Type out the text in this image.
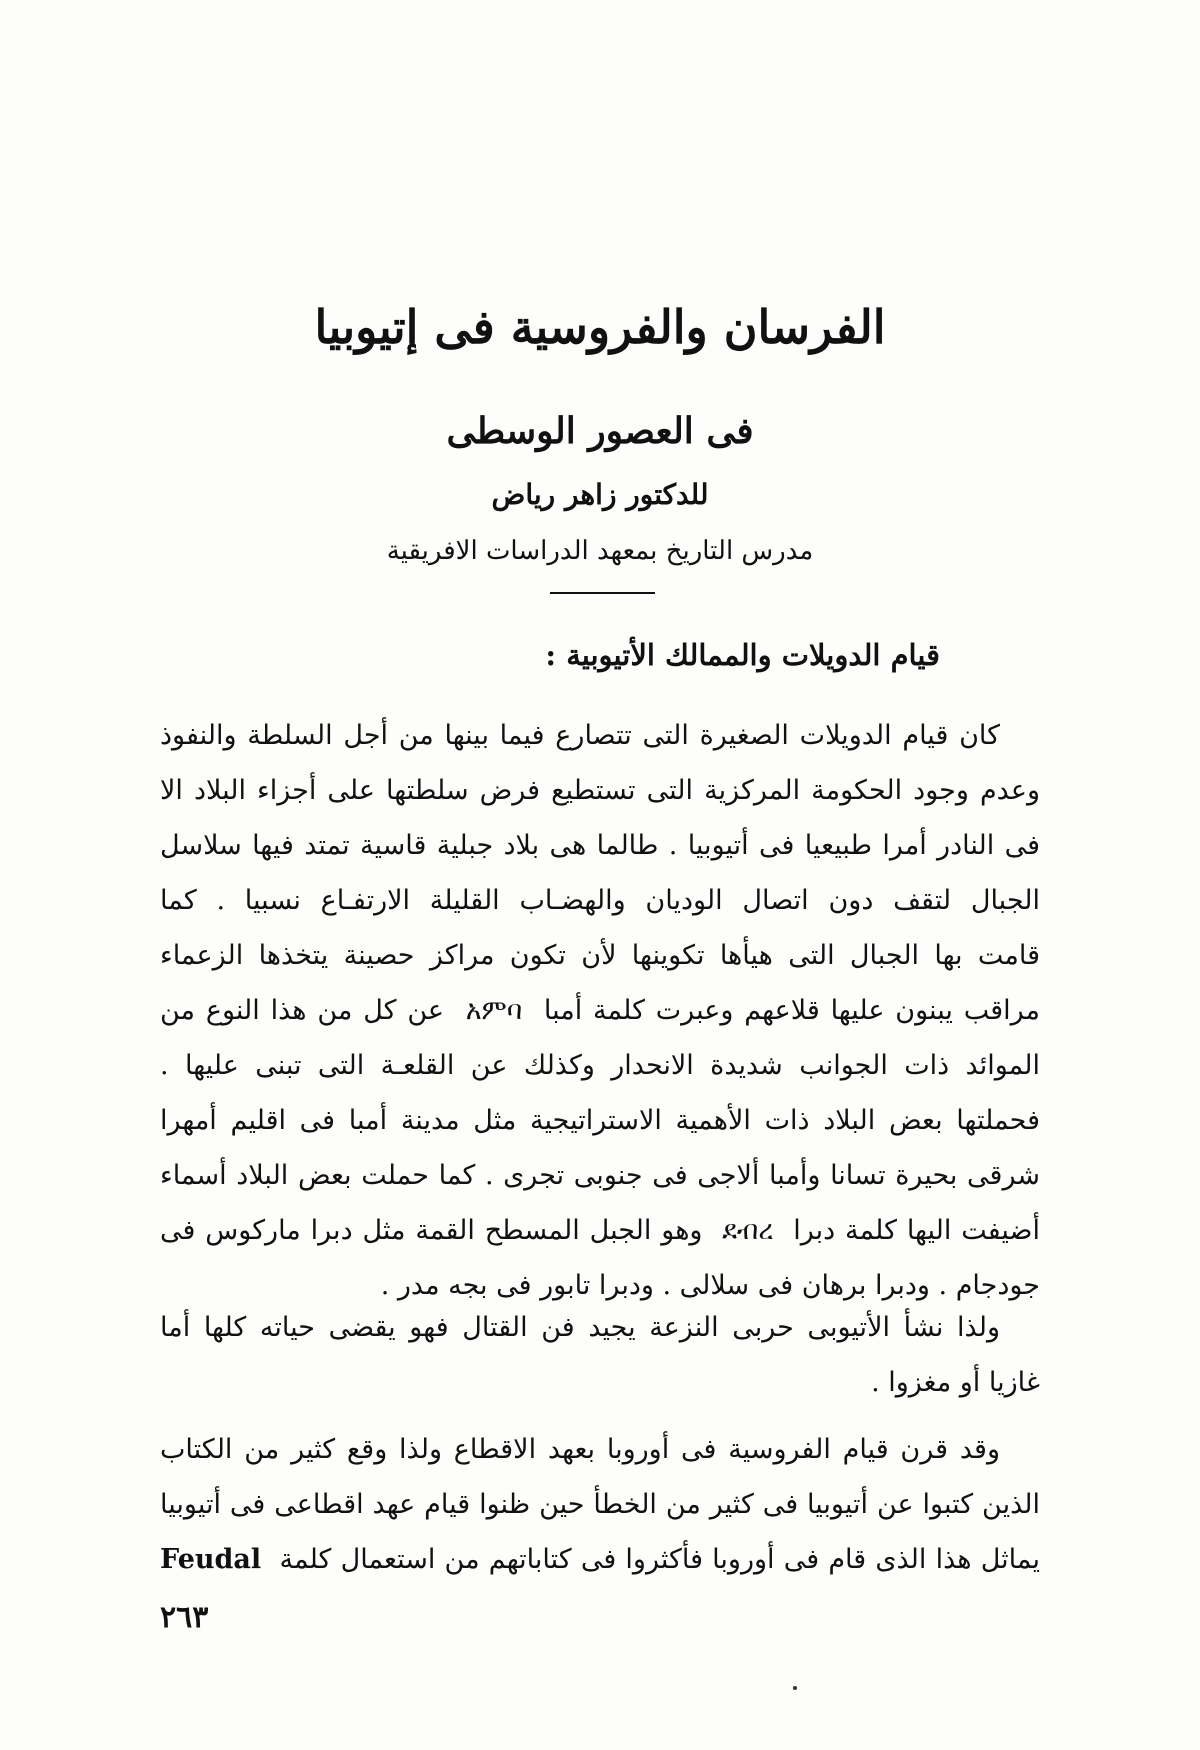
الفرسان والفروسية فى إتيوبيا
فى العصور الوسطى
للدكتور زاهر رياض
مدرس التاريخ بمعهد الدراسات الافريقية
قيام الدويلات والممالك الأتيوبية :
كان قيام الدويلات الصغيرة التى تتصارع فيما بينها من أجل السلطة والنفوذ
وعدم وجود الحكومة المركزية التى تستطيع فرض سلطتها على أجزاء البلاد الا
فى النادر أمرا طبيعيا فى أتيوبيا . طالما هى بلاد جبلية قاسية تمتد فيها سلاسل
الجبال لتقف دون اتصال الوديان والهضـاب القليلة الارتفـاع نسبيا . كما
قامت بها الجبال التى هيأها تكوينها لأن تكون مراكز حصينة يتخذها الزعماء
مراقب يبنون عليها قلاعهم وعبرت كلمة أمبا  አምባ  عن كل من هذا النوع من
الموائد ذات الجوانب شديدة الانحدار وكذلك عن القلعـة التى تبنى عليها .
فحملتها بعض البلاد ذات الأهمية الاستراتيجية مثل مدينة أمبا فى اقليم أمهرا
شرقى بحيرة تسانا وأمبا ألاجى فى جنوبى تجرى . كما حملت بعض البلاد أسماء
أضيفت اليها كلمة دبرا  ደብረ  وهو الجبل المسطح القمة مثل دبرا ماركوس فى
جودجام . ودبرا برهان فى سلالى . ودبرا تابور فى بجه مدر .
ولذا نشأ الأتيوبى حربى النزعة يجيد فن القتال فهو يقضى حياته كلها أما
غازيا أو مغزوا .
وقد قرن قيام الفروسية فى أوروبا بعهد الاقطاع ولذا وقع كثير من الكتاب
الذين كتبوا عن أتيوبيا فى كثير من الخطأ حين ظنوا قيام عهد اقطاعى فى أتيوبيا
يماثل هذا الذى قام فى أوروبا فأكثروا فى كتاباتهم من استعمال كلمة  Feudal
٢٦٣
